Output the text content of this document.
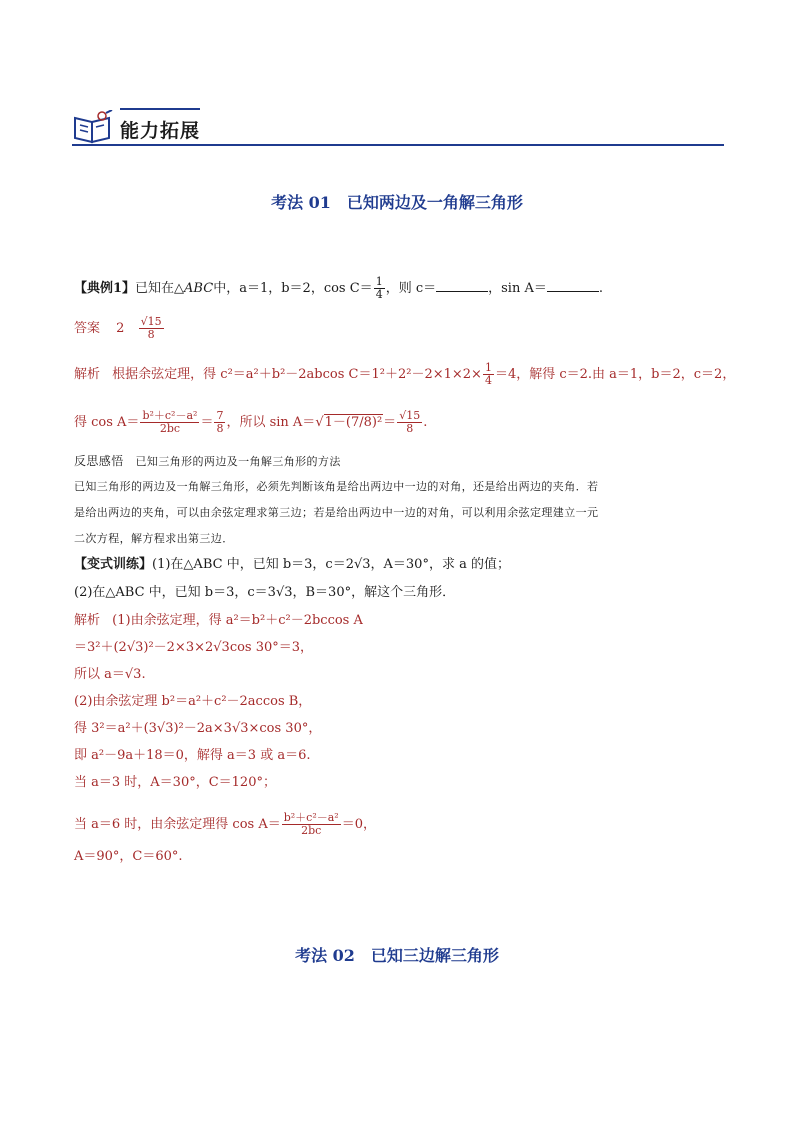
能力拓展
考法 01　已知两边及一角解三角形
【典例1】已知在△ABC中，a＝1，b＝2，$\cos C= \frac{1}{4}$ ，则 c＝	，sin A＝	.
答案 $2 \frac{√15}{8}$
解析 根据余弦定理，得 c²＝a²＋b²－2abcos $C=1^2+2^2-2\times 1\times 2\times \frac{1}{4} =4$，解得 c＝2.由 a＝1，b＝2，c＝2，
得 $\cos A= \frac{\text{b²＋c²－a²}}{2bc} = \frac{7}{8}$ ，所以 $\sin A=√1-(7/8)^2= \frac{√15}{8}$ .
反思感悟 已知三角形的两边及一角解三角形的方法
已知三角形的两边及一角解三角形，必须先判断该角是给出两边中一边的对角，还是给出两边的夹角．若
是给出两边的夹角，可以由余弦定理求第三边；若是给出两边中一边的对角，可以利用余弦定理建立一元
二次方程，解方程求出第三边．
【变式训练】(1)在△ABC 中，已知 b＝3，c＝2√3，A＝30°，求 a 的值；
(2)在△ABC 中，已知 b＝3，c＝3√3，B＝30°，解这个三角形．
解析 (1)由余弦定理，得 a²＝b²＋c²－2bccos A
＝3²＋(2√3)²－2×3×2√3cos 30°＝3，
所以 a＝√3.
(2)由余弦定理 b²＝a²＋c²－2accos B，
得 3²＝a²＋(3√3)²－2a×3√3×cos 30°，
即 a²－9a＋18＝0，解得 a＝3 或 a＝6.
当 a＝3 时，A＝30°，C＝120°；
当 a＝6 时，由余弦定理得 $\cos A= \frac{\text{b²＋c²－a²}}{2bc} =0$，
A＝90°，C＝60°.
考法 02　已知三边解三角形
